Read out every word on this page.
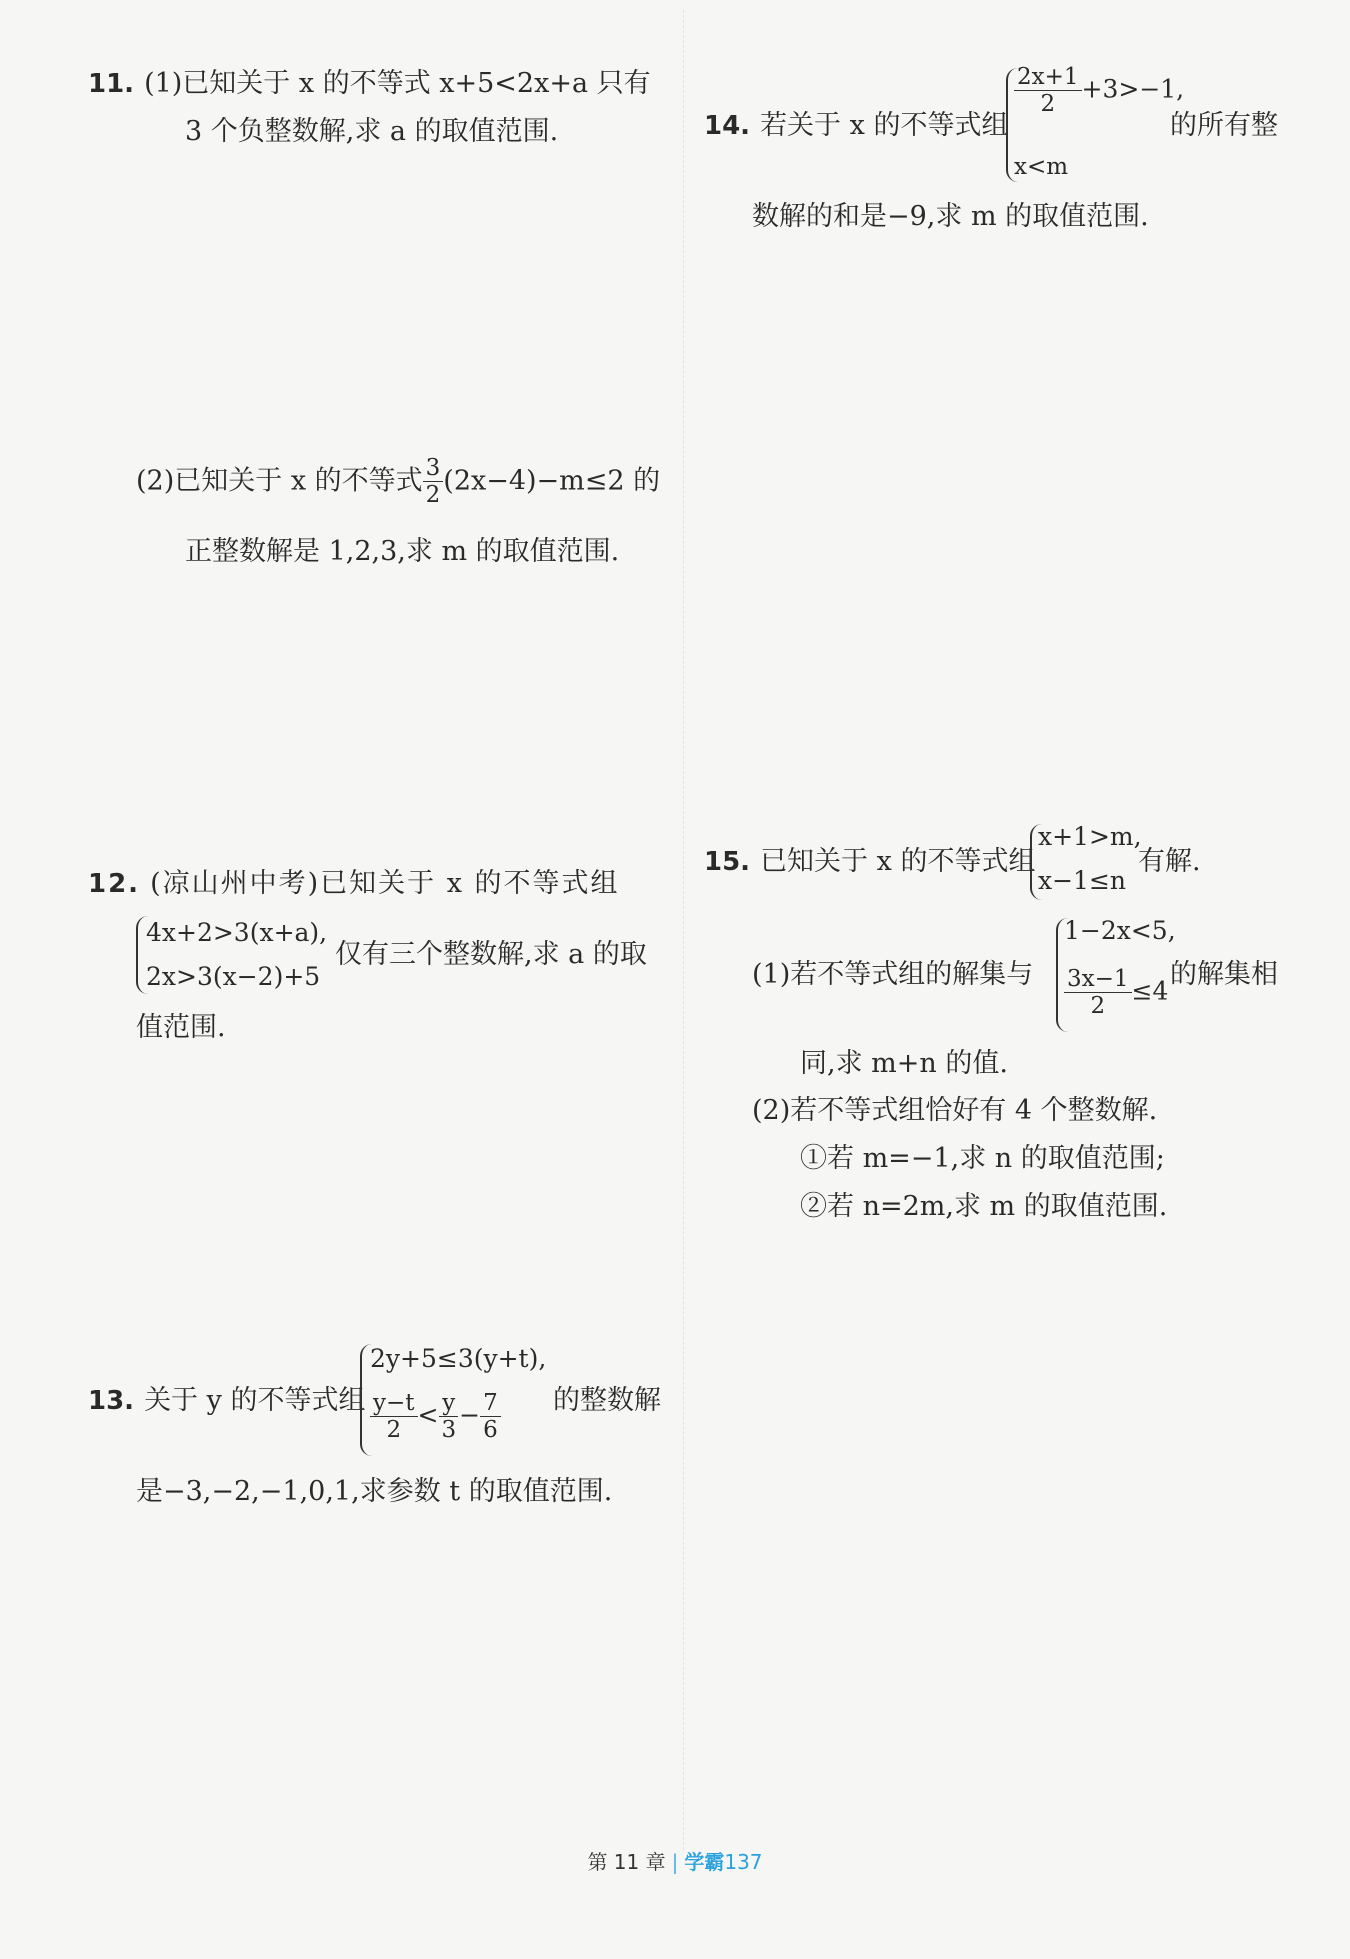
11. (1)已知关于 x 的不等式 x+5<2x+a 只有
3 个负整数解,求 a 的取值范围.
(2)已知关于 x 的不等式 $\frac{3}{2} (2x-4)-m\le 2$ 的
正整数解是 1,2,3,求 m 的取值范围.
12. (凉山州中考)已知关于 x 的不等式组
4x+2>3(x+a),
2x>3(x−2)+5
仅有三个整数解,求 a 的取
值范围.
13. 关于 y 的不等式组
2y+5≤3(y+t),
$\frac{y-t}{2} < \frac{y}{3} - \frac{7}{6}$ 的整数解
是−3,−2,−1,0,1,求参数 t 的取值范围.
14. 若关于 x 的不等式组
$\frac{2x+1}{2} +3>-1$,
x<m
的所有整
数解的和是−9,求 m 的取值范围.
15. 已知关于 x 的不等式组
x+1>m,
x−1≤n
有解.
(1)若不等式组的解集与
1−2x<5,
$\frac{3x-1}{2} \le 4$
的解集相
同,求 m+n 的值.
(2)若不等式组恰好有 4 个整数解.
①若 m=−1,求 n 的取值范围;
②若 n=2m,求 m 的取值范围.
第 11 章 | 学霸137
